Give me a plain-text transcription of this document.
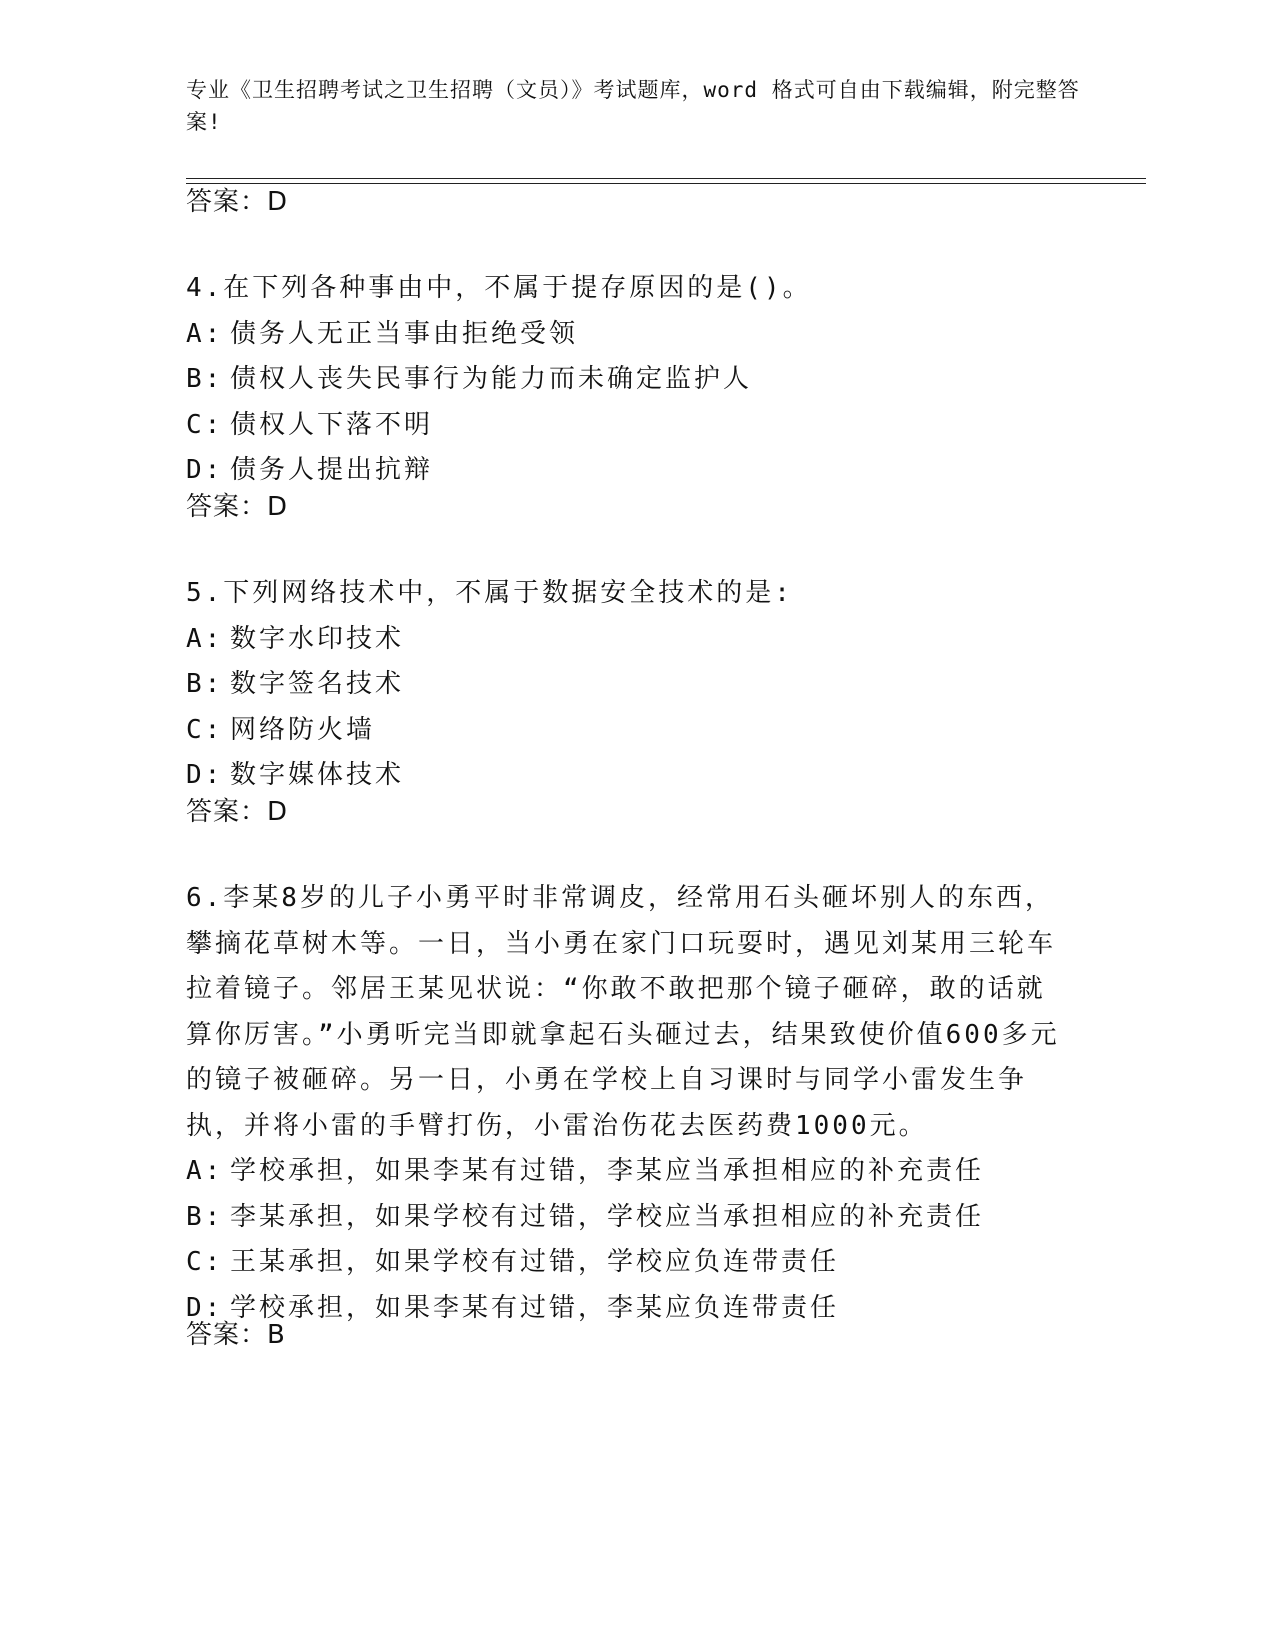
专业《卫生招聘考试之卫生招聘（文员）》考试题库，word 格式可自由下载编辑，附完整答案!
答案：D
4.在下列各种事由中，不属于提存原因的是()。
A: 债务人无正当事由拒绝受领
B: 债权人丧失民事行为能力而未确定监护人
C: 债权人下落不明
D: 债务人提出抗辩
答案：D
5.下列网络技术中，不属于数据安全技术的是:
A: 数字水印技术
B: 数字签名技术
C: 网络防火墙
D: 数字媒体技术
答案：D
6.李某8岁的儿子小勇平时非常调皮，经常用石头砸坏别人的东西，攀摘花草树木等。一日，当小勇在家门口玩耍时，遇见刘某用三轮车拉着镜子。邻居王某见状说：“你敢不敢把那个镜子砸碎，敢的话就算你厉害。”小勇听完当即就拿起石头砸过去，结果致使价值600多元的镜子被砸碎。另一日，小勇在学校上自习课时与同学小雷发生争执，并将小雷的手臂打伤，小雷治伤花去医药费1000元。
A: 学校承担，如果李某有过错，李某应当承担相应的补充责任
B: 李某承担，如果学校有过错，学校应当承担相应的补充责任
C: 王某承担，如果学校有过错，学校应负连带责任
D: 学校承担，如果李某有过错，李某应负连带责任
答案：B
